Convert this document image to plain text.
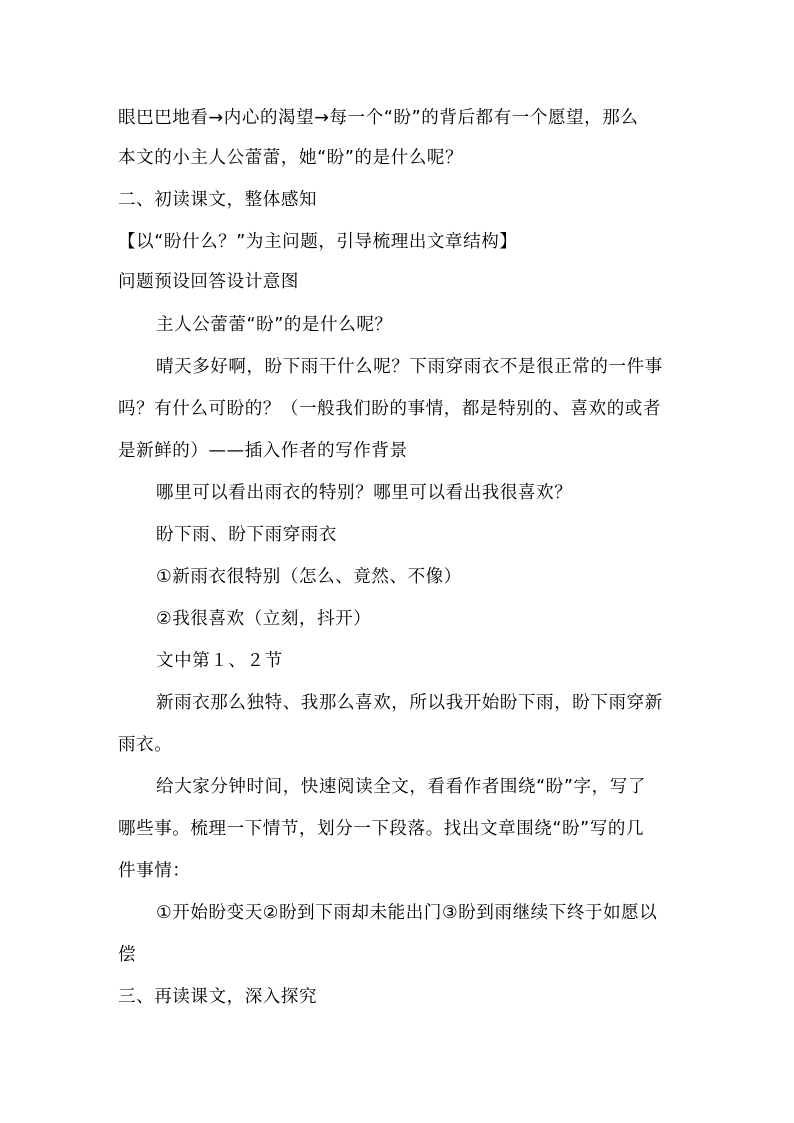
眼巴巴地看→内心的渴望→每一个“盼”的背后都有一个愿望，那么
本文的小主人公蕾蕾，她“盼”的是什么呢？
二、初读课文，整体感知
【以“盼什么？”为主问题，引导梳理出文章结构】
问题预设回答设计意图
主人公蕾蕾“盼”的是什么呢？
晴天多好啊，盼下雨干什么呢？下雨穿雨衣不是很正常的一件事
吗？有什么可盼的？（一般我们盼的事情，都是特别的、喜欢的或者
是新鲜的）——插入作者的写作背景
哪里可以看出雨衣的特别？哪里可以看出我很喜欢？
盼下雨、盼下雨穿雨衣
①新雨衣很特别（怎么、竟然、不像）
②我很喜欢（立刻，抖开）
文中第１、２节
新雨衣那么独特、我那么喜欢，所以我开始盼下雨，盼下雨穿新
雨衣。
给大家分钟时间，快速阅读全文，看看作者围绕“盼”字，写了
哪些事。梳理一下情节，划分一下段落。找出文章围绕“盼”写的几
件事情：
①开始盼变天②盼到下雨却未能出门③盼到雨继续下终于如愿以
偿
三、再读课文，深入探究
